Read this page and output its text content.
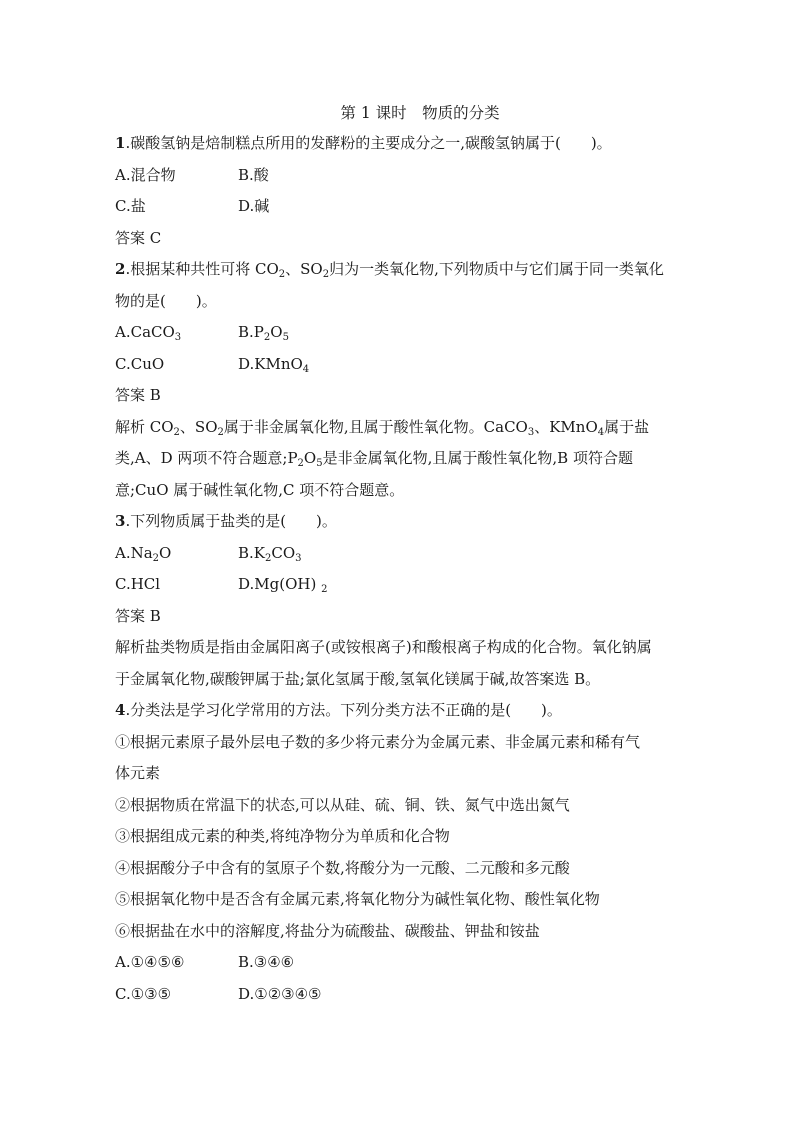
第 1 课时　物质的分类
1.碳酸氢钠是焙制糕点所用的发酵粉的主要成分之一,碳酸氢钠属于(　　)。
A.混合物	B.酸
C.盐	D.碱
答案 C
2.根据某种共性可将 $CO_2$、$SO_2$归为一类氧化物,下列物质中与它们属于同一类氧化
物的是(　　)。
A.CaCO$_3$	$B.P_2O_5$
C.CuO	D.KMnO$_4$
答案 B
解析 $CO_2$、$SO_2$属于非金属氧化物,且属于酸性氧化物。CaCO$_3$、KMnO$_4$属于盐
类,A、D 两项不符合题意$;P_2O_5$是非金属氧化物,且属于酸性氧化物,B 项符合题
意;CuO 属于碱性氧化物,C 项不符合题意。
3.下列物质属于盐类的是(　　)。
$A.Na_2O$	$B.K_2CO_3$
C.HCl	D.Mg(OH) $_2$
答案 B
解析盐类物质是指由金属阳离子(或铵根离子)和酸根离子构成的化合物。氧化钠属
于金属氧化物,碳酸钾属于盐;氯化氢属于酸,氢氧化镁属于碱,故答案选 B。
4.分类法是学习化学常用的方法。下列分类方法不正确的是(　　)。
①根据元素原子最外层电子数的多少将元素分为金属元素、非金属元素和稀有气
体元素
②根据物质在常温下的状态,可以从硅、硫、铜、铁、氮气中选出氮气
③根据组成元素的种类,将纯净物分为单质和化合物
④根据酸分子中含有的氢原子个数,将酸分为一元酸、二元酸和多元酸
⑤根据氧化物中是否含有金属元素,将氧化物分为碱性氧化物、酸性氧化物
⑥根据盐在水中的溶解度,将盐分为硫酸盐、碳酸盐、钾盐和铵盐
A.①④⑤⑥	B.③④⑥
C.①③⑤	D.①②③④⑤
